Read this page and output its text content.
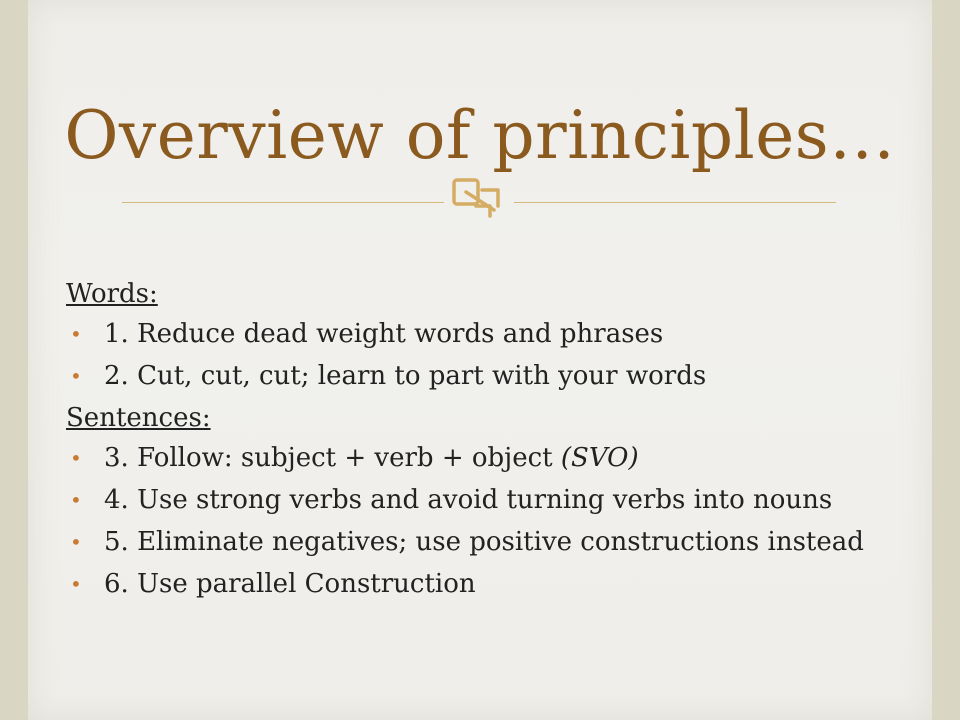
Overview of principles…
Words:
• 1. Reduce dead weight words and phrases
• 2. Cut, cut, cut; learn to part with your words
Sentences:
• 3. Follow: subject + verb + object (SVO)
• 4. Use strong verbs and avoid turning verbs into nouns
• 5. Eliminate negatives; use positive constructions instead
• 6. Use parallel Construction
